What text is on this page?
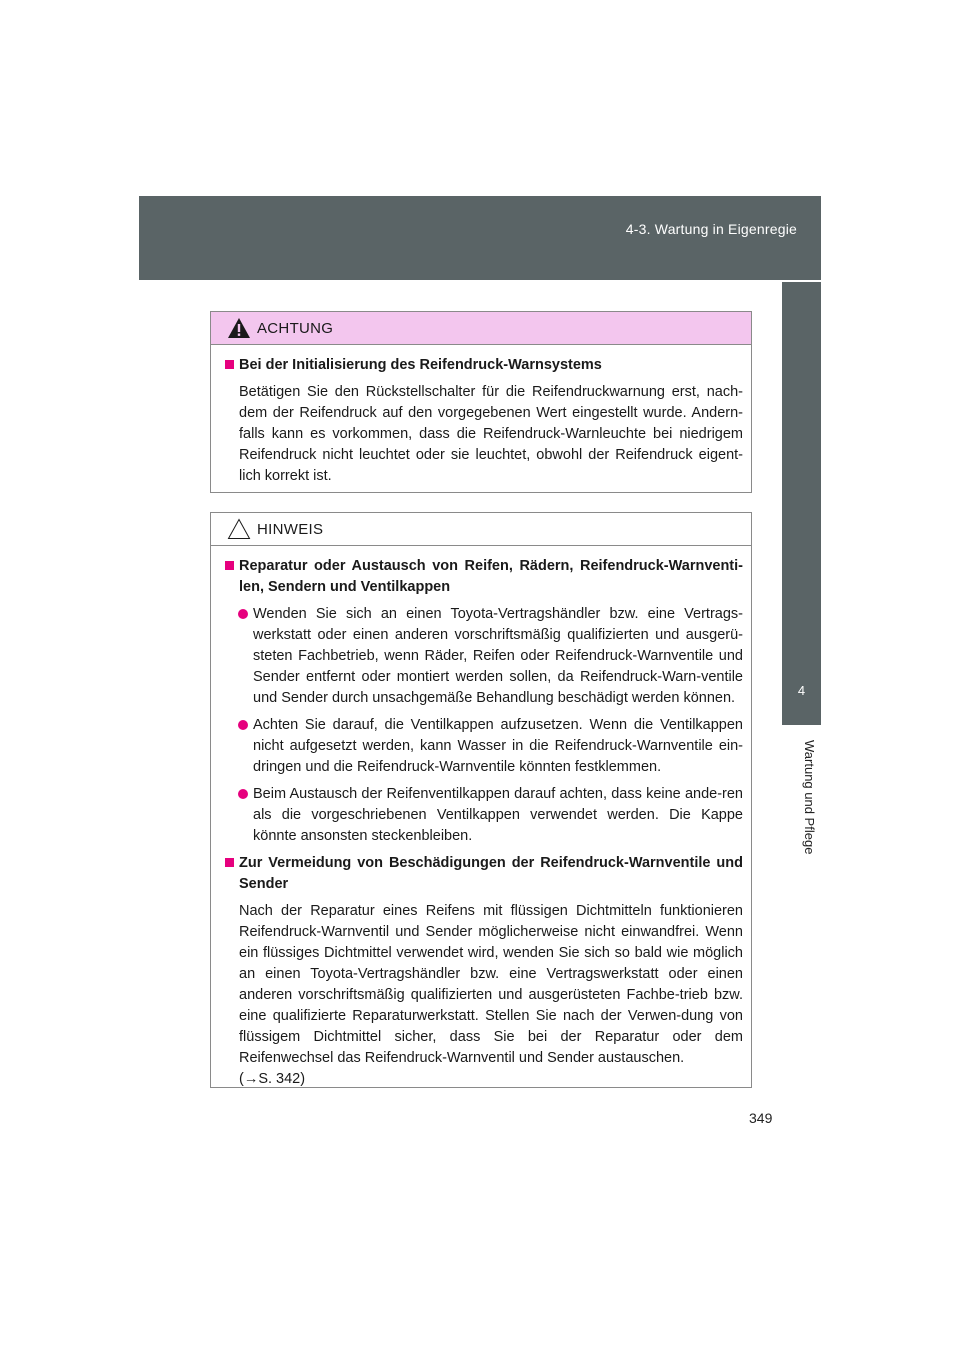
4-3. Wartung in Eigenregie
4
Wartung und Pflege
ACHTUNG
Bei der Initialisierung des Reifendruck-Warnsystems
Betätigen Sie den Rückstellschalter für die Reifendruckwarnung erst, nach-dem der Reifendruck auf den vorgegebenen Wert eingestellt wurde. Andern-falls kann es vorkommen, dass die Reifendruck-Warnleuchte bei niedrigem Reifendruck nicht leuchtet oder sie leuchtet, obwohl der Reifendruck eigent-lich korrekt ist.
HINWEIS
Reparatur oder Austausch von Reifen, Rädern, Reifendruck-Warnventi-len, Sendern und Ventilkappen
Wenden Sie sich an einen Toyota-Vertragshändler bzw. eine Vertrags-werkstatt oder einen anderen vorschriftsmäßig qualifizierten und ausgerü-steten Fachbetrieb, wenn Räder, Reifen oder Reifendruck-Warnventile und Sender entfernt oder montiert werden sollen, da Reifendruck-Warn-ventile und Sender durch unsachgemäße Behandlung beschädigt werden können.
Achten Sie darauf, die Ventilkappen aufzusetzen. Wenn die Ventilkappen nicht aufgesetzt werden, kann Wasser in die Reifendruck-Warnventile ein-dringen und die Reifendruck-Warnventile könnten festklemmen.
Beim Austausch der Reifenventilkappen darauf achten, dass keine ande-ren als die vorgeschriebenen Ventilkappen verwendet werden. Die Kappe könnte ansonsten steckenbleiben.
Zur Vermeidung von Beschädigungen der Reifendruck-Warnventile und Sender
Nach der Reparatur eines Reifens mit flüssigen Dichtmitteln funktionieren Reifendruck-Warnventil und Sender möglicherweise nicht einwandfrei. Wenn ein flüssiges Dichtmittel verwendet wird, wenden Sie sich so bald wie möglich an einen Toyota-Vertragshändler bzw. eine Vertragswerkstatt oder einen anderen vorschriftsmäßig qualifizierten und ausgerüsteten Fachbe-trieb bzw. eine qualifizierte Reparaturwerkstatt. Stellen Sie nach der Verwen-dung von flüssigem Dichtmittel sicher, dass Sie bei der Reparatur oder dem Reifenwechsel das Reifendruck-Warnventil und Sender austauschen.
(→S. 342)
349
